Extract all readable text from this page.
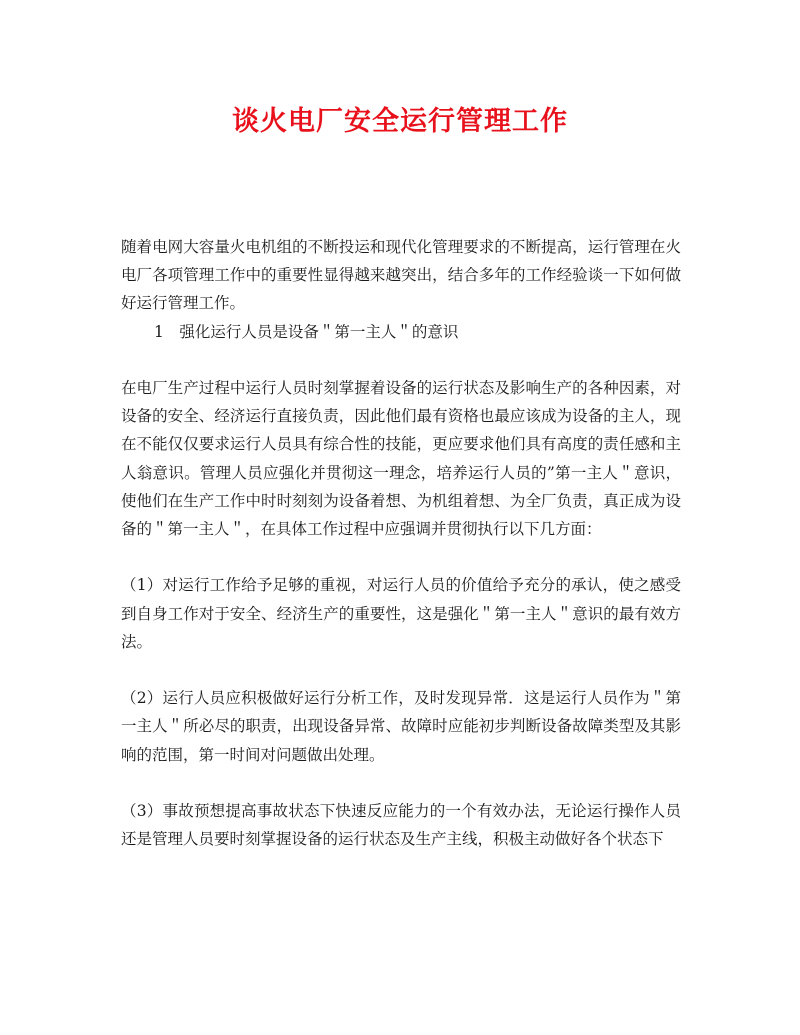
谈火电厂安全运行管理工作

随着电网大容量火电机组的不断投运和现代化管理要求的不断提高，运行管理在火电厂各项管理工作中的重要性显得越来越突出，结合多年的工作经验谈一下如何做好运行管理工作。

1　强化运行人员是设备＂第一主人＂的意识

在电厂生产过程中运行人员时刻掌握着设备的运行状态及影响生产的各种因素，对设备的安全、经济运行直接负责，因此他们最有资格也最应该成为设备的主人，现在不能仅仅要求运行人员具有综合性的技能，更应要求他们具有高度的责任感和主人翁意识。管理人员应强化并贯彻这一理念，培养运行人员的”第一主人＂意识，使他们在生产工作中时时刻刻为设备着想、为机组着想、为全厂负责，真正成为设备的＂第一主人＂，在具体工作过程中应强调并贯彻执行以下几方面：

（1）对运行工作给予足够的重视，对运行人员的价值给予充分的承认，使之感受到自身工作对于安全、经济生产的重要性，这是强化＂第一主人＂意识的最有效方法。

（2）运行人员应积极做好运行分析工作，及时发现异常．这是运行人员作为＂第一主人＂所必尽的职责，出现设备异常、故障时应能初步判断设备故障类型及其影响的范围，第一时间对问题做出处理。

（3）事故预想提高事故状态下快速反应能力的一个有效办法，无论运行操作人员还是管理人员要时刻掌握设备的运行状态及生产主线，积极主动做好各个状态下
